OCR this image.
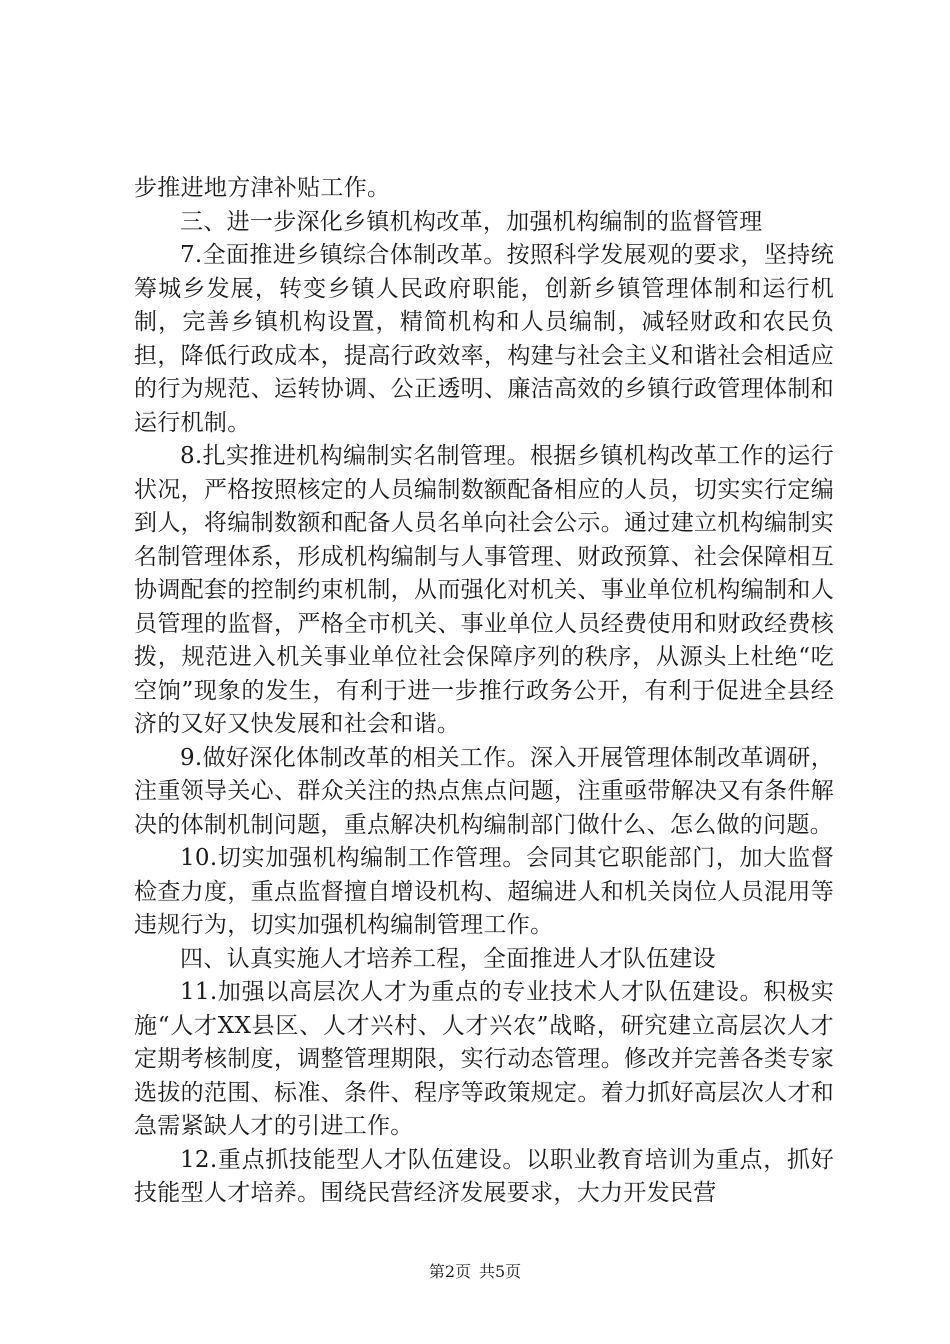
步推进地方津补贴工作。

三、进一步深化乡镇机构改革，加强机构编制的监督管理

7.全面推进乡镇综合体制改革。按照科学发展观的要求，坚持统筹城乡发展，转变乡镇人民政府职能，创新乡镇管理体制和运行机制，完善乡镇机构设置，精简机构和人员编制，减轻财政和农民负担，降低行政成本，提高行政效率，构建与社会主义和谐社会相适应的行为规范、运转协调、公正透明、廉洁高效的乡镇行政管理体制和运行机制。

8.扎实推进机构编制实名制管理。根据乡镇机构改革工作的运行状况，严格按照核定的人员编制数额配备相应的人员，切实实行定编到人，将编制数额和配备人员名单向社会公示。通过建立机构编制实名制管理体系，形成机构编制与人事管理、财政预算、社会保障相互协调配套的控制约束机制，从而强化对机关、事业单位机构编制和人员管理的监督，严格全市机关、事业单位人员经费使用和财政经费核拨，规范进入机关事业单位社会保障序列的秩序，从源头上杜绝“吃空饷”现象的发生，有利于进一步推行政务公开，有利于促进全县经济的又好又快发展和社会和谐。

9.做好深化体制改革的相关工作。深入开展管理体制改革调研，注重领导关心、群众关注的热点焦点问题，注重亟带解决又有条件解决的体制机制问题，重点解决机构编制部门做什么、怎么做的问题。

10.切实加强机构编制工作管理。会同其它职能部门，加大监督检查力度，重点监督擅自增设机构、超编进人和机关岗位人员混用等违规行为，切实加强机构编制管理工作。

四、认真实施人才培养工程，全面推进人才队伍建设

11.加强以高层次人才为重点的专业技术人才队伍建设。积极实施“人才XX县区、人才兴村、人才兴农”战略，研究建立高层次人才定期考核制度，调整管理期限，实行动态管理。修改并完善各类专家选拔的范围、标准、条件、程序等政策规定。着力抓好高层次人才和急需紧缺人才的引进工作。

12.重点抓技能型人才队伍建设。以职业教育培训为重点，抓好技能型人才培养。围绕民营经济发展要求，大力开发民营

第2页 共5页
